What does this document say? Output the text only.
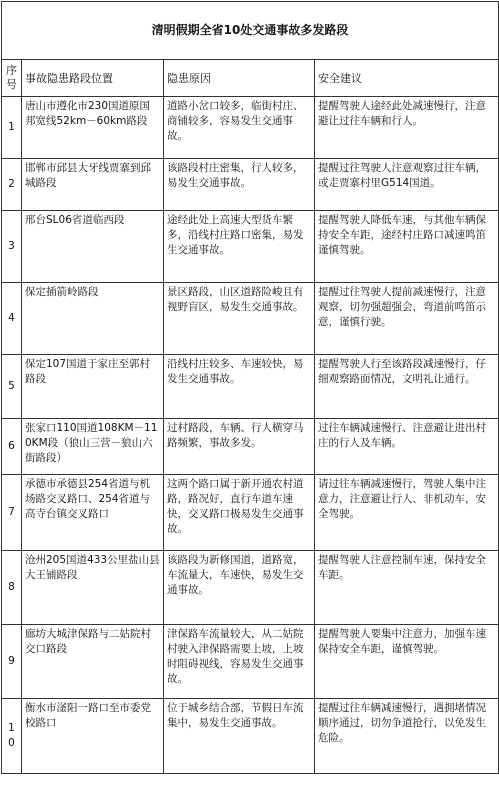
清明假期全省10处交通事故多发路段			
序号	事故隐患路段位置	隐患原因	安全建议
1	唐山市遵化市230国道原国邦宽线52km－60km路段	道路小岔口较多，临街村庄、商铺较多，容易发生交通事故。	提醒驾驶人途经此处减速慢行，注意避让过往车辆和行人。
2	邯郸市邱县大牙线贾寨到邱城路段	该路段村庄密集，行人较多，易发生交通事故。	提醒过往驾驶人注意观察过往车辆，或走贾寨村里G514国道。
3	邢台SL06省道临西段	途经此处上高速大型货车繁多，沿线村庄路口密集，易发生交通事故。	提醒驾驶人降低车速，与其他车辆保持安全车距，途经村庄路口减速鸣笛谨慎驾驶。
4	保定插箭岭路段	景区路段，山区道路险峻且有视野盲区，易发生交通事故。	提醒过往驾驶人提前减速慢行，注意观察，切勿强超强会，弯道前鸣笛示意，谨慎行驶。
5	保定107国道于家庄至郭村路段	沿线村庄较多、车速较快，易发生交通事故。	提醒驾驶人行至该路段减速慢行，仔细观察路面情况，文明礼让通行。
6	张家口110国道108KM－110KM段（狼山三营－狼山六街路段）	过村路段，车辆、行人横穿马路频繁，事故多发。	过往车辆减速慢行、注意避让进出村庄的行人及车辆。
7	承德市承德县254省道与机场路交叉路口、254省道与高寺台镇交叉路口	这两个路口属于新开通农村道路，路况好，直行车道车速快，交叉路口极易发生交通事故。	请过往车辆减速慢行，驾驶人集中注意力，注意避让行人、非机动车，安全驾驶。
8	沧州205国道433公里盐山县大王铺路段	该路段为新修国道，道路宽，车流量大，车速快，易发生交通事故。	提醒驾驶人注意控制车速，保持安全车距。
9	廊坊大城津保路与二姑院村交口路段	津保路车流量较大，从二姑院村驶入津保路需要上坡，上坡时阻碍视线，容易发生交通事故。	提醒驾驶人要集中注意力，加强车速保持安全车距，谨慎驾驶。
10	衡水市滏阳一路口至市委党校路口	位于城乡结合部，节假日车流集中，易发生交通事故。	提醒过往车辆减速慢行，遇拥堵情况顺序通过，切勿争道抢行，以免发生危险。
